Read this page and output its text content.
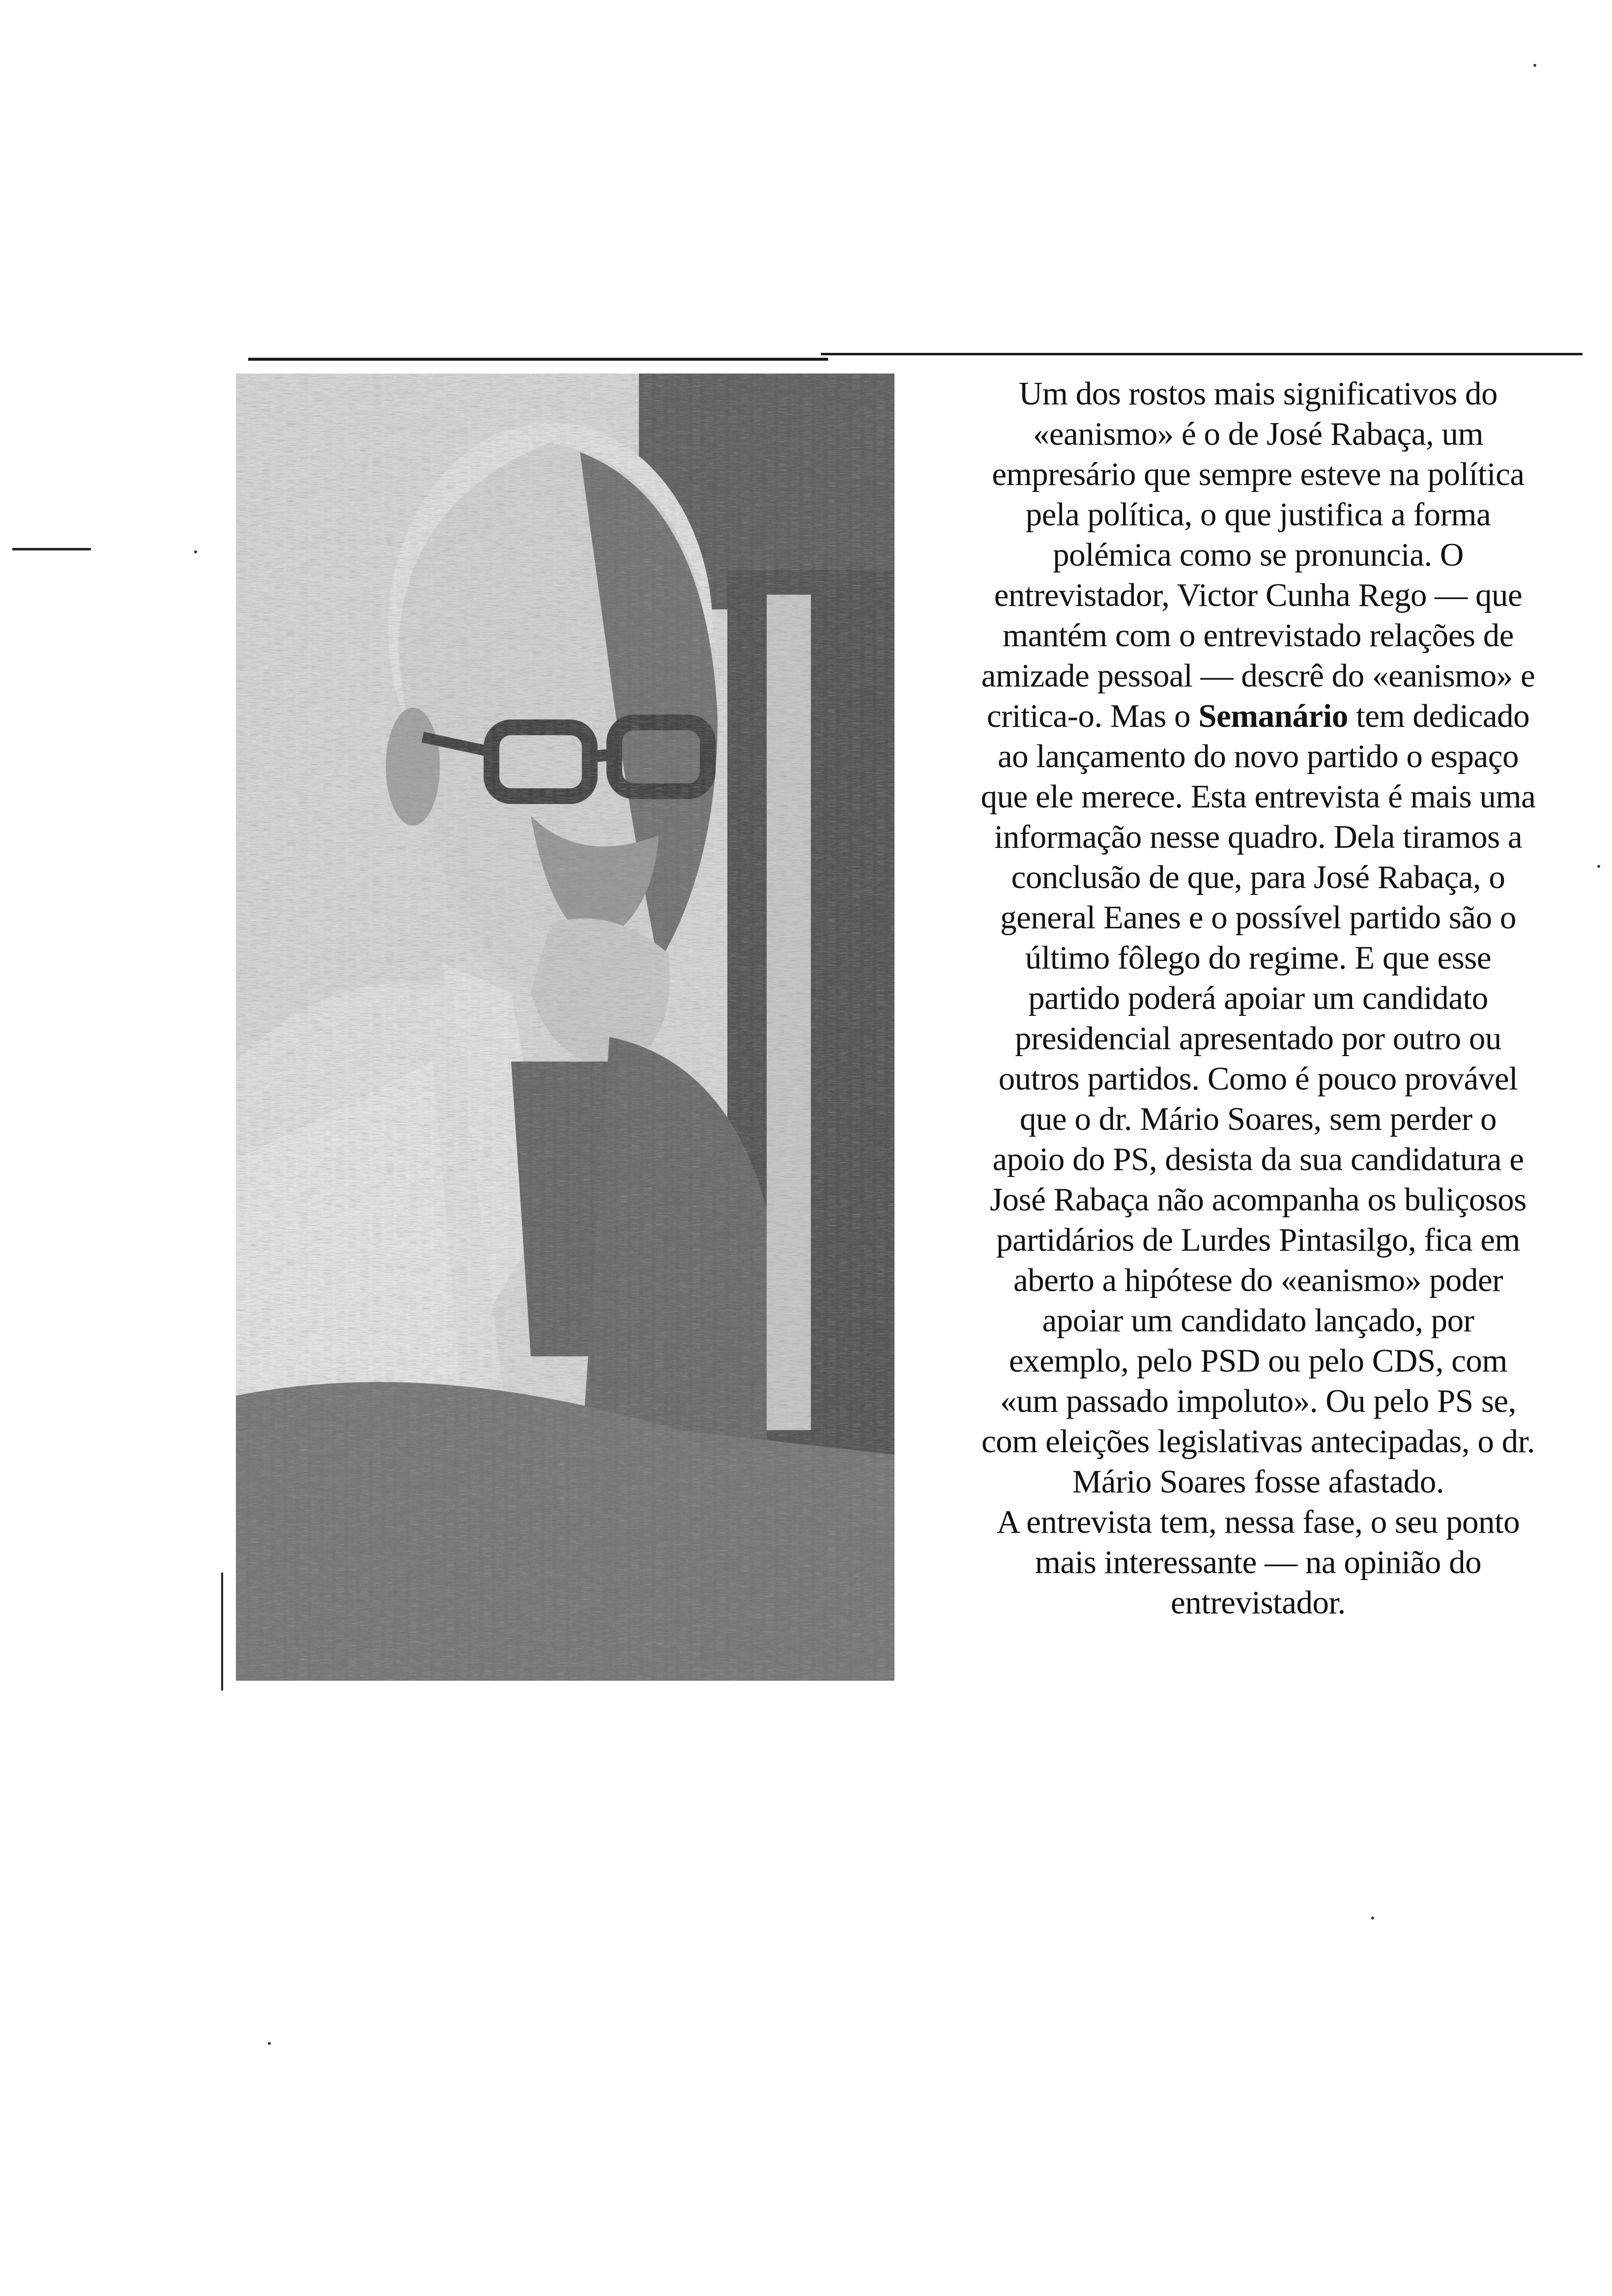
Um dos rostos mais significativos do
«eanismo» é o de José Rabaça, um
empresário que sempre esteve na política
pela política, o que justifica a forma
polémica como se pronuncia. O
entrevistador, Victor Cunha Rego — que
mantém com o entrevistado relações de
amizade pessoal — descrê do «eanismo» e
critica-o. Mas o Semanário tem dedicado
ao lançamento do novo partido o espaço
que ele merece. Esta entrevista é mais uma
informação nesse quadro. Dela tiramos a
conclusão de que, para José Rabaça, o
general Eanes e o possível partido são o
último fôlego do regime. E que esse
partido poderá apoiar um candidato
presidencial apresentado por outro ou
outros partidos. Como é pouco provável
que o dr. Mário Soares, sem perder o
apoio do PS, desista da sua candidatura e
José Rabaça não acompanha os buliçosos
partidários de Lurdes Pintasilgo, fica em
aberto a hipótese do «eanismo» poder
apoiar um candidato lançado, por
exemplo, pelo PSD ou pelo CDS, com
«um passado impoluto». Ou pelo PS se,
com eleições legislativas antecipadas, o dr.
Mário Soares fosse afastado.

A entrevista tem, nessa fase, o seu ponto
mais interessante — na opinião do
entrevistador.
